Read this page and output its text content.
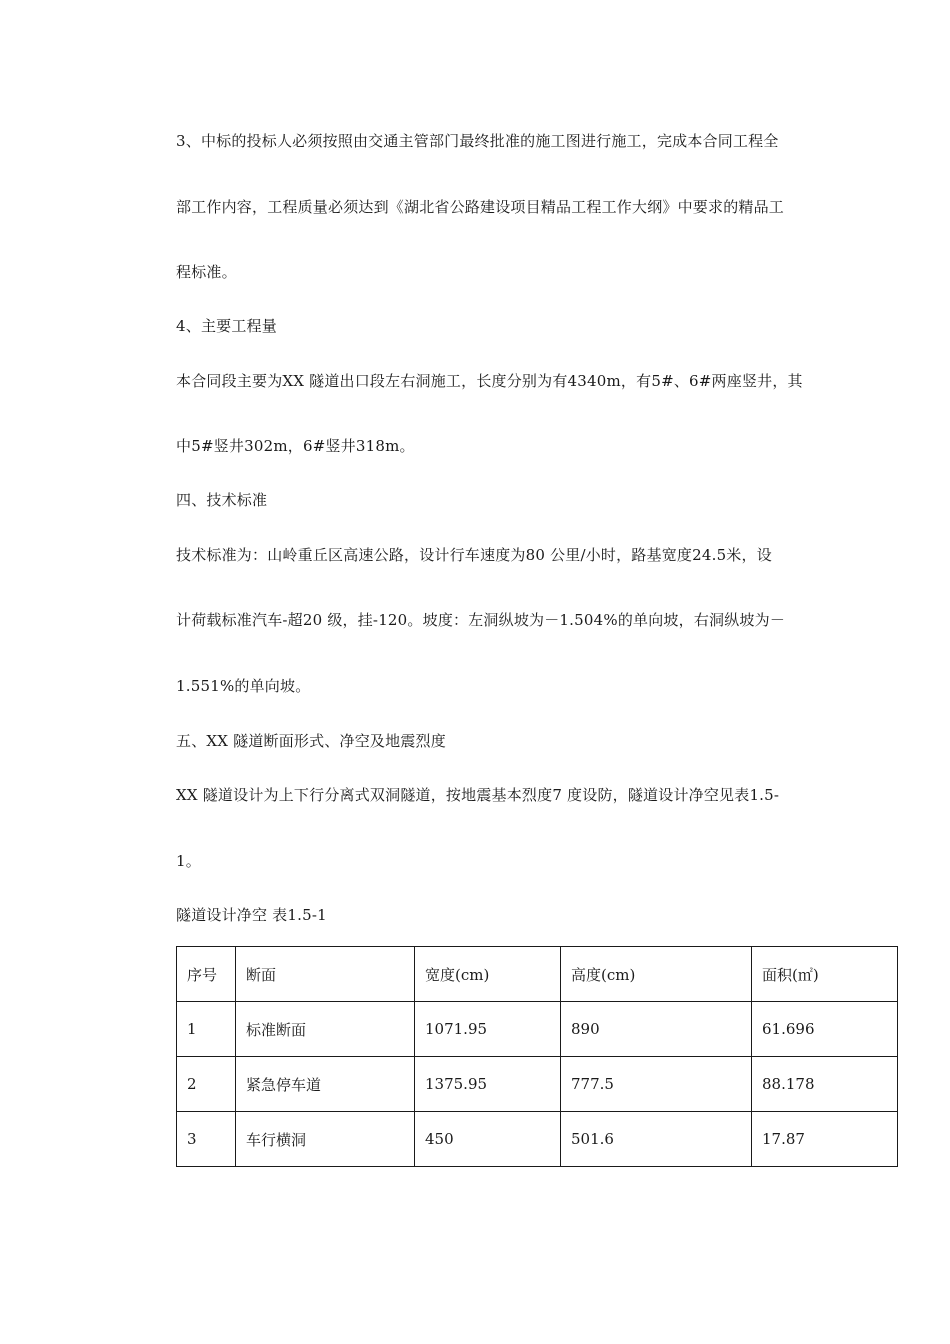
3、中标的投标人必须按照由交通主管部门最终批准的施工图进行施工，完成本合同工程全
部工作内容，工程质量必须达到《湖北省公路建设项目精品工程工作大纲》中要求的精品工
程标准。
4、主要工程量
本合同段主要为XX 隧道出口段左右洞施工，长度分别为有4340m，有5#、6#两座竖井，其
中5#竖井302m，6#竖井318m。
四、技术标准
技术标准为：山岭重丘区高速公路，设计行车速度为80 公里/小时，路基宽度24.5米，设
计荷载标准汽车-超20 级，挂-120。坡度：左洞纵坡为－1.504%的单向坡，右洞纵坡为－
1.551%的单向坡。
五、XX 隧道断面形式、净空及地震烈度
XX 隧道设计为上下行分离式双洞隧道，按地震基本烈度7 度设防，隧道设计净空见表1.5-
1。
隧道设计净空 表1.5-1
序号	断面	宽度(cm)	高度(cm)	面积(㎡)
1	标准断面	1071.95	890	61.696
2	紧急停车道	1375.95	777.5	88.178
3	车行横洞	450	501.6	17.87
